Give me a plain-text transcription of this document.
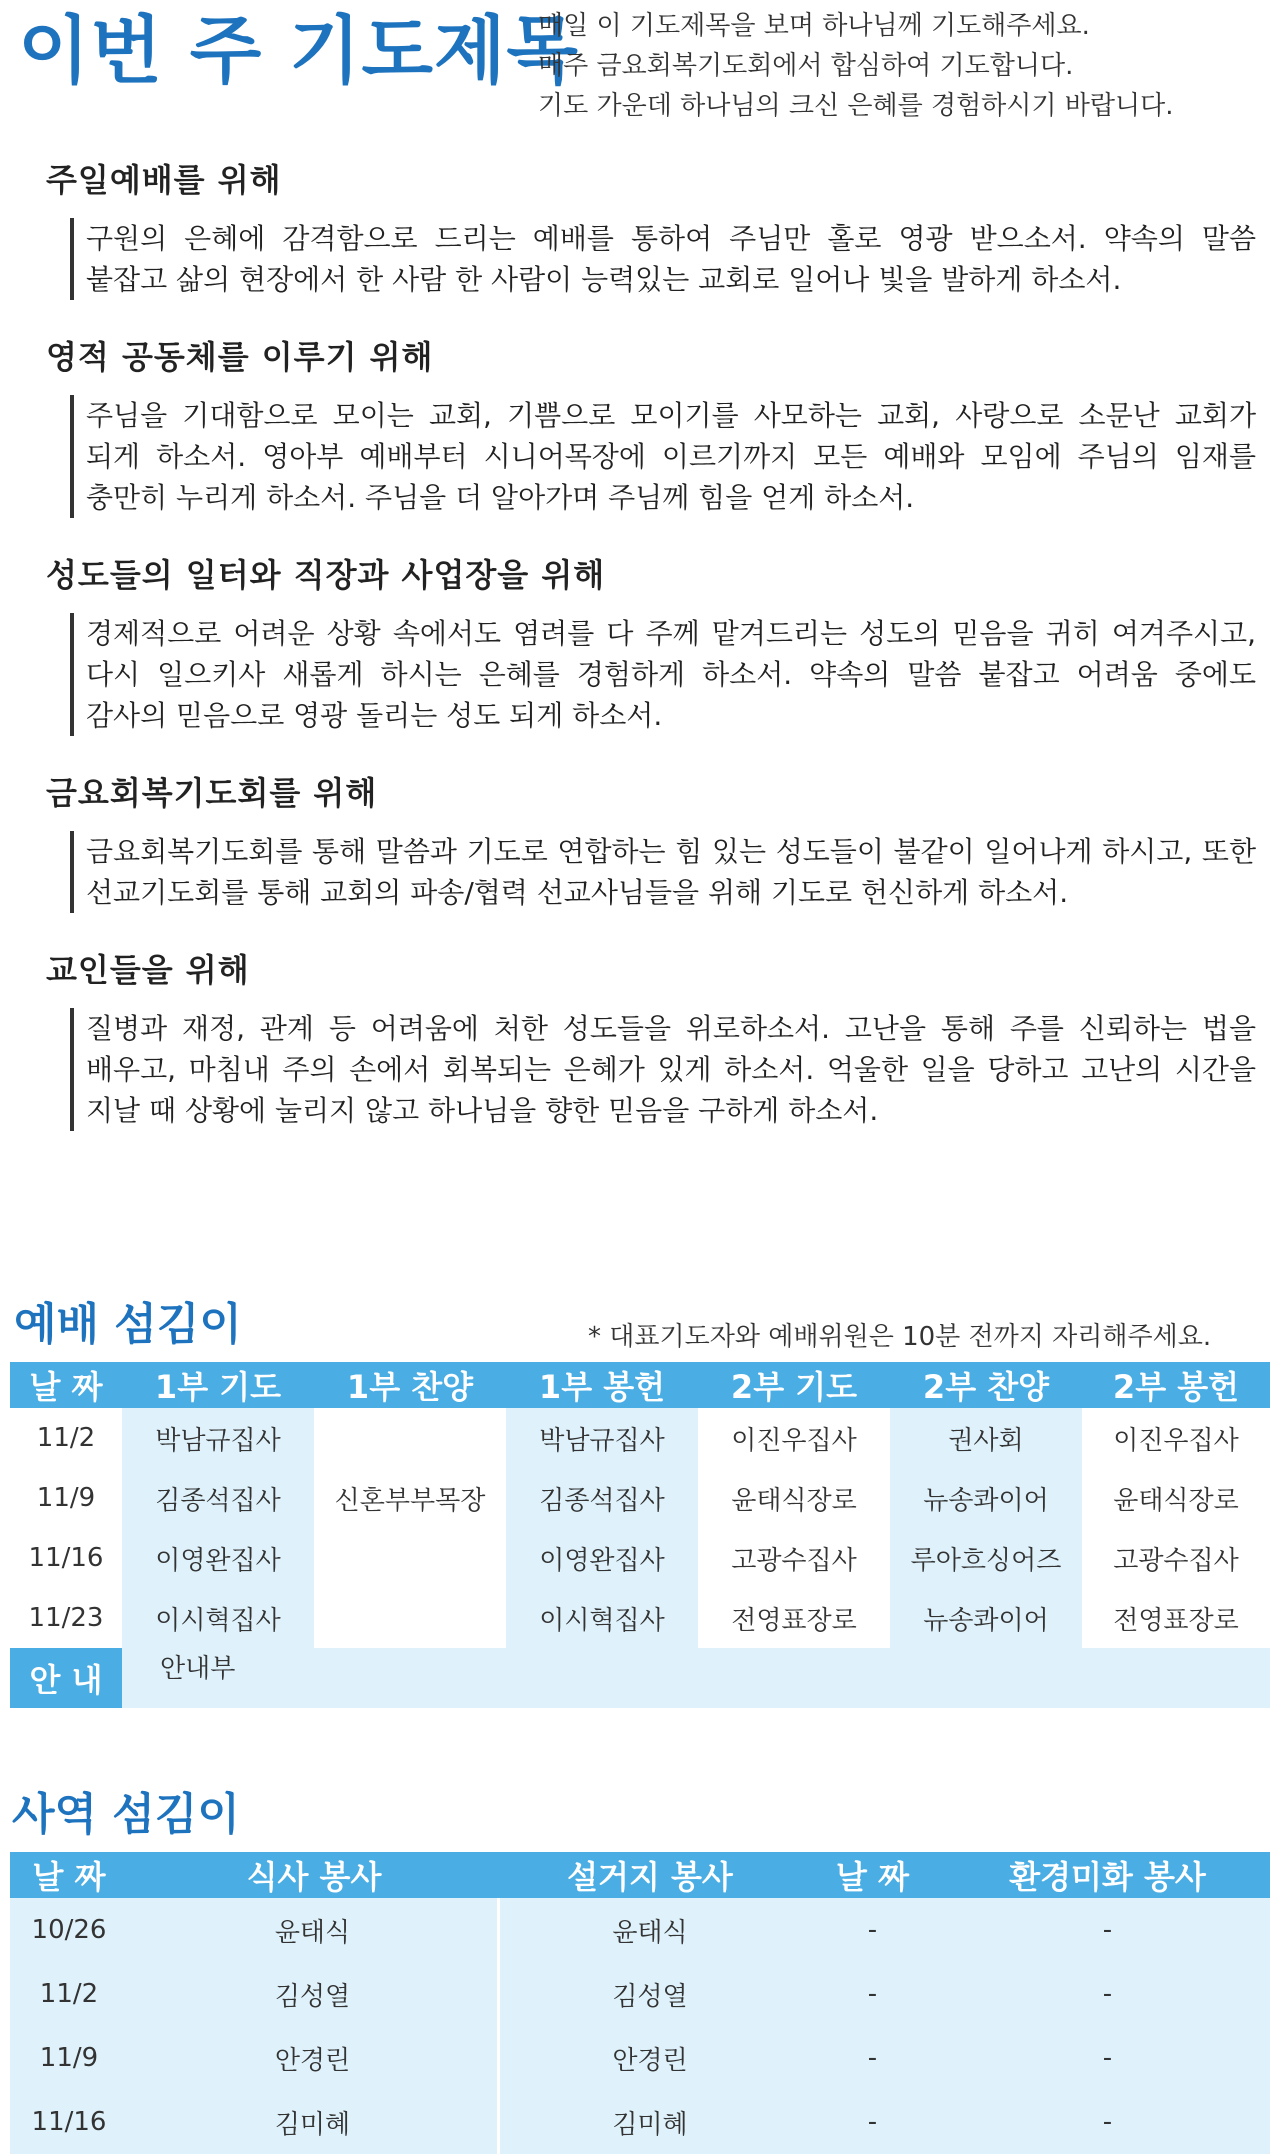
이번 주 기도제목
매일 이 기도제목을 보며 하나님께 기도해주세요.
매주 금요회복기도회에서 합심하여 기도합니다.
기도 가운데 하나님의 크신 은혜를 경험하시기 바랍니다.
주일예배를 위해
구원의 은혜에 감격함으로 드리는 예배를 통하여 주님만 홀로 영광 받으소서. 약속의 말씀 붙잡고 삶의 현장에서 한 사람 한 사람이 능력있는 교회로 일어나 빛을 발하게 하소서.
영적 공동체를 이루기 위해
주님을 기대함으로 모이는 교회, 기쁨으로 모이기를 사모하는 교회, 사랑으로 소문난 교회가 되게 하소서. 영아부 예배부터 시니어목장에 이르기까지 모든 예배와 모임에 주님의 임재를 충만히 누리게 하소서. 주님을 더 알아가며 주님께 힘을 얻게 하소서.
성도들의 일터와 직장과 사업장을 위해
경제적으로 어려운 상황 속에서도 염려를 다 주께 맡겨드리는 성도의 믿음을 귀히 여겨주시고, 다시 일으키사 새롭게 하시는 은혜를 경험하게 하소서. 약속의 말씀 붙잡고 어려움 중에도 감사의 믿음으로 영광 돌리는 성도 되게 하소서.
금요회복기도회를 위해
금요회복기도회를 통해 말씀과 기도로 연합하는 힘 있는 성도들이 불같이 일어나게 하시고, 또한 선교기도회를 통해 교회의 파송/협력 선교사님들을 위해 기도로 헌신하게 하소서.
교인들을 위해
질병과 재정, 관계 등 어려움에 처한 성도들을 위로하소서. 고난을 통해 주를 신뢰하는 법을 배우고, 마침내 주의 손에서 회복되는 은혜가 있게 하소서. 억울한 일을 당하고 고난의 시간을 지날 때 상황에 눌리지 않고 하나님을 향한 믿음을 구하게 하소서.
예배 섬김이	* 대표기도자와 예배위원은 10분 전까지 자리해주세요.
날 짜	1부 기도	1부 찬양	1부 봉헌	2부 기도	2부 찬양	2부 봉헌
11/2	박남규집사		박남규집사	이진우집사	권사회	이진우집사
11/9	김종석집사	신혼부부목장	김종석집사	윤태식장로	뉴송콰이어	윤태식장로
11/16	이영완집사		이영완집사	고광수집사	루아흐싱어즈	고광수집사
11/23	이시혁집사		이시혁집사	전영표장로	뉴송콰이어	전영표장로
안 내	안내부					
사역 섬김이
날 짜	식사 봉사	설거지 봉사	날 짜	환경미화 봉사
10/26	윤태식	윤태식	-	-
11/2	김성열	김성열	-	-
11/9	안경린	안경린	-	-
11/16	김미혜	김미혜	-	-
